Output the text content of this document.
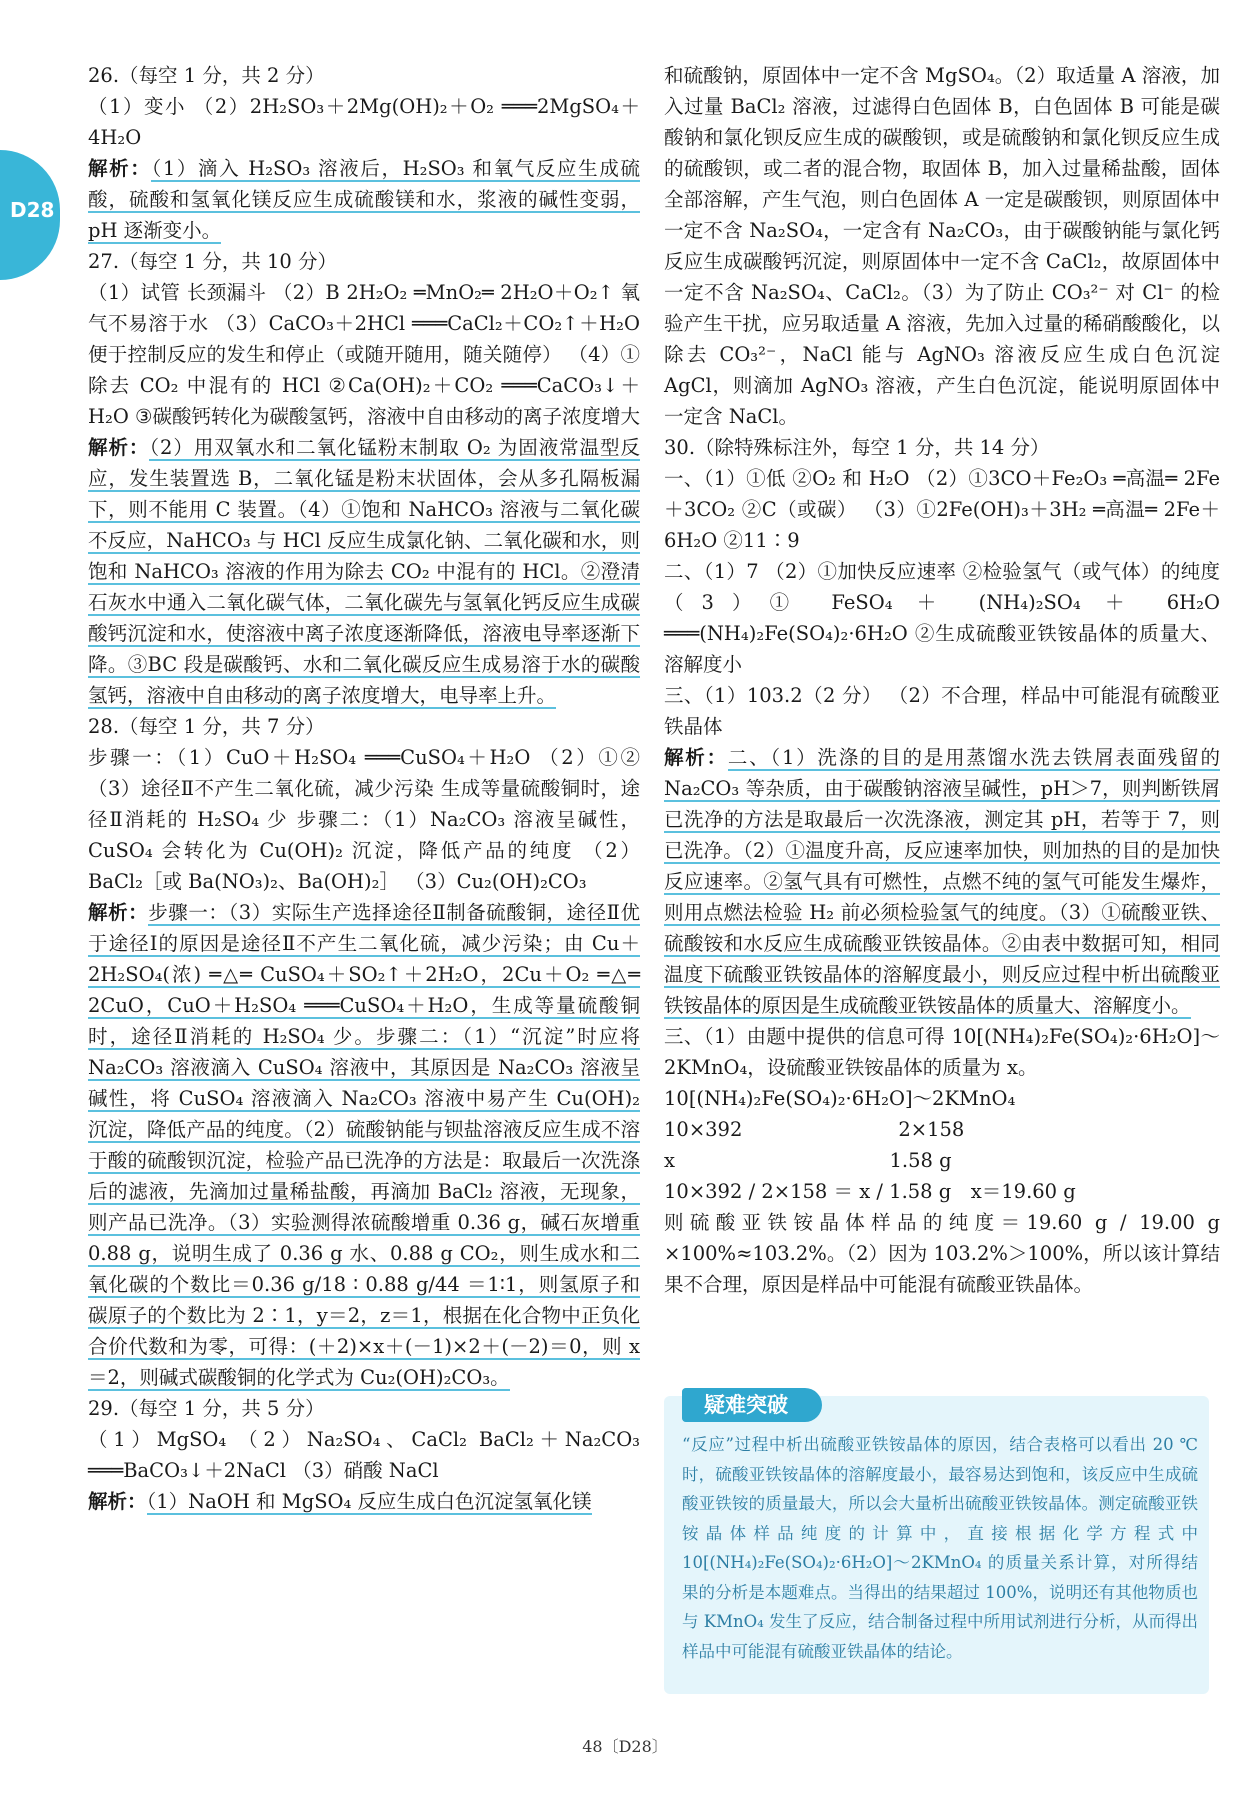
D28

26.（每空 1 分，共 2 分）

（1）变小 （2）2H₂SO₃＋2Mg(OH)₂＋O₂ ═══2MgSO₄＋4H₂O

解析：（1）滴入 H₂SO₃ 溶液后，H₂SO₃ 和氧气反应生成硫酸，硫酸和氢氧化镁反应生成硫酸镁和水，浆液的碱性变弱，pH 逐渐变小。

27.（每空 1 分，共 10 分）

（1）试管 长颈漏斗 （2）B 2H₂O₂ ═MnO₂═ 2H₂O＋O₂↑ 氧气不易溶于水 （3）CaCO₃＋2HCl ═══CaCl₂＋CO₂↑＋H₂O 便于控制反应的发生和停止（或随开随用，随关随停） （4）①除去 CO₂ 中混有的 HCl ②Ca(OH)₂＋CO₂ ═══CaCO₃↓＋H₂O ③碳酸钙转化为碳酸氢钙，溶液中自由移动的离子浓度增大

解析：（2）用双氧水和二氧化锰粉末制取 O₂ 为固液常温型反应，发生装置选 B，二氧化锰是粉末状固体，会从多孔隔板漏下，则不能用 C 装置。（4）①饱和 NaHCO₃ 溶液与二氧化碳不反应，NaHCO₃ 与 HCl 反应生成氯化钠、二氧化碳和水，则饱和 NaHCO₃ 溶液的作用为除去 CO₂ 中混有的 HCl。②澄清石灰水中通入二氧化碳气体，二氧化碳先与氢氧化钙反应生成碳酸钙沉淀和水，使溶液中离子浓度逐渐降低，溶液电导率逐渐下降。③BC 段是碳酸钙、水和二氧化碳反应生成易溶于水的碳酸氢钙，溶液中自由移动的离子浓度增大，电导率上升。

28.（每空 1 分，共 7 分）

步骤一：（1）CuO＋H₂SO₄ ═══CuSO₄＋H₂O （2）①② （3）途径Ⅱ不产生二氧化硫，减少污染 生成等量硫酸铜时，途径Ⅱ消耗的 H₂SO₄ 少 步骤二：（1）Na₂CO₃ 溶液呈碱性，CuSO₄ 会转化为 Cu(OH)₂ 沉淀，降低产品的纯度 （2）BaCl₂［或 Ba(NO₃)₂、Ba(OH)₂］ （3）Cu₂(OH)₂CO₃

解析：步骤一：（3）实际生产选择途径Ⅱ制备硫酸铜，途径Ⅱ优于途径Ⅰ的原因是途径Ⅱ不产生二氧化硫，减少污染；由 Cu＋2H₂SO₄(浓) ═△═ CuSO₄＋SO₂↑＋2H₂O，2Cu＋O₂ ═△═ 2CuO，CuO＋H₂SO₄ ═══CuSO₄＋H₂O，生成等量硫酸铜时，途径Ⅱ消耗的 H₂SO₄ 少。步骤二：（1）“沉淀”时应将 Na₂CO₃ 溶液滴入 CuSO₄ 溶液中，其原因是 Na₂CO₃ 溶液呈碱性，将 CuSO₄ 溶液滴入 Na₂CO₃ 溶液中易产生 Cu(OH)₂ 沉淀，降低产品的纯度。（2）硫酸钠能与钡盐溶液反应生成不溶于酸的硫酸钡沉淀，检验产品已洗净的方法是：取最后一次洗涤后的滤液，先滴加过量稀盐酸，再滴加 BaCl₂ 溶液，无现象，则产品已洗净。（3）实验测得浓硫酸增重 0.36 g，碱石灰增重 0.88 g，说明生成了 0.36 g 水、0.88 g CO₂，则生成水和二氧化碳的个数比＝0.36 g/18 ∶ 0.88 g/44 ＝1∶1，则氢原子和碳原子的个数比为 2∶1，y＝2，z＝1，根据在化合物中正负化合价代数和为零，可得：(＋2)×x＋(－1)×2＋(－2)＝0，则 x＝2，则碱式碳酸铜的化学式为 Cu₂(OH)₂CO₃。

29.（每空 1 分，共 5 分）

（1）MgSO₄ （2）Na₂SO₄、CaCl₂ BaCl₂＋Na₂CO₃ ═══BaCO₃↓＋2NaCl （3）硝酸 NaCl

解析：（1）NaOH 和 MgSO₄ 反应生成白色沉淀氢氧化镁

和硫酸钠，原固体中一定不含 MgSO₄。（2）取适量 A 溶液，加入过量 BaCl₂ 溶液，过滤得白色固体 B，白色固体 B 可能是碳酸钠和氯化钡反应生成的碳酸钡，或是硫酸钠和氯化钡反应生成的硫酸钡，或二者的混合物，取固体 B，加入过量稀盐酸，固体全部溶解，产生气泡，则白色固体 A 一定是碳酸钡，则原固体中一定不含 Na₂SO₄，一定含有 Na₂CO₃，由于碳酸钠能与氯化钙反应生成碳酸钙沉淀，则原固体中一定不含 CaCl₂，故原固体中一定不含 Na₂SO₄、CaCl₂。（3）为了防止 CO₃²⁻ 对 Cl⁻ 的检验产生干扰，应另取适量 A 溶液，先加入过量的稀硝酸酸化，以除去 CO₃²⁻，NaCl 能与 AgNO₃ 溶液反应生成白色沉淀 AgCl，则滴加 AgNO₃ 溶液，产生白色沉淀，能说明原固体中一定含 NaCl。

30.（除特殊标注外，每空 1 分，共 14 分）

一、（1）①低 ②O₂ 和 H₂O （2）①3CO＋Fe₂O₃ ═高温═ 2Fe＋3CO₂ ②C（或碳） （3）①2Fe(OH)₃＋3H₂ ═高温═ 2Fe＋6H₂O ②11∶9

二、（1）7 （2）①加快反应速率 ②检验氢气（或气体）的纯度 （3）① FeSO₄ ＋ (NH₄)₂SO₄ ＋ 6H₂O ═══(NH₄)₂Fe(SO₄)₂·6H₂O ②生成硫酸亚铁铵晶体的质量大、溶解度小

三、（1）103.2（2 分） （2）不合理，样品中可能混有硫酸亚铁晶体

解析：二、（1）洗涤的目的是用蒸馏水洗去铁屑表面残留的 Na₂CO₃ 等杂质，由于碳酸钠溶液呈碱性，pH＞7，则判断铁屑已洗净的方法是取最后一次洗涤液，测定其 pH，若等于 7，则已洗净。（2）①温度升高，反应速率加快，则加热的目的是加快反应速率。②氢气具有可燃性，点燃不纯的氢气可能发生爆炸，则用点燃法检验 H₂ 前必须检验氢气的纯度。（3）①硫酸亚铁、硫酸铵和水反应生成硫酸亚铁铵晶体。②由表中数据可知，相同温度下硫酸亚铁铵晶体的溶解度最小，则反应过程中析出硫酸亚铁铵晶体的原因是生成硫酸亚铁铵晶体的质量大、溶解度小。

三、（1）由题中提供的信息可得 10[(NH₄)₂Fe(SO₄)₂·6H₂O]～2KMnO₄，设硫酸亚铁铵晶体的质量为 x。

10[(NH₄)₂Fe(SO₄)₂·6H₂O]～2KMnO₄

10×392　　　　　　　　2×158

x　　　　　　　　　　　1.58 g

10×392 / 2×158 ＝ x / 1.58 g　x＝19.60 g

则硫酸亚铁铵晶体样品的纯度＝19.60 g / 19.00 g ×100%≈103.2%。（2）因为 103.2%＞100%，所以该计算结果不合理，原因是样品中可能混有硫酸亚铁晶体。

疑难突破

“反应”过程中析出硫酸亚铁铵晶体的原因，结合表格可以看出 20 ℃ 时，硫酸亚铁铵晶体的溶解度最小，最容易达到饱和，该反应中生成硫酸亚铁铵的质量最大，所以会大量析出硫酸亚铁铵晶体。测定硫酸亚铁铵晶体样品纯度的计算中，直接根据化学方程式中 10[(NH₄)₂Fe(SO₄)₂·6H₂O]～2KMnO₄ 的质量关系计算，对所得结果的分析是本题难点。当得出的结果超过 100%，说明还有其他物质也与 KMnO₄ 发生了反应，结合制备过程中所用试剂进行分析，从而得出样品中可能混有硫酸亚铁晶体的结论。

48〔D28〕
